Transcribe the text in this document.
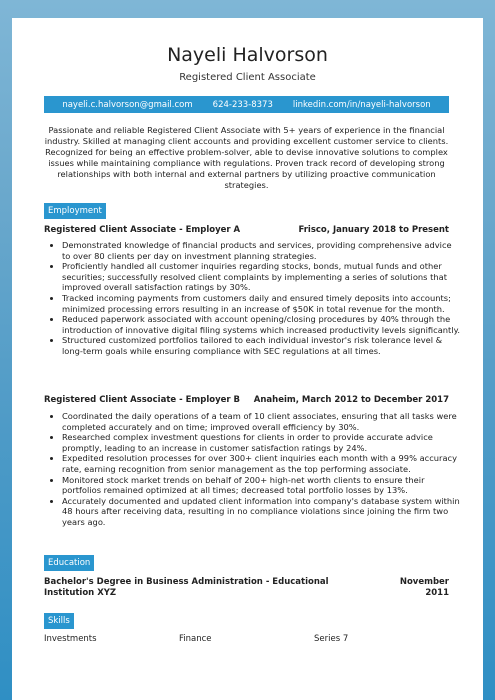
Nayeli Halvorson
Registered Client Associate
nayeli.c.halvorson@gmail.com 624-233-8373 linkedin.com/in/nayeli-halvorson
Passionate and reliable Registered Client Associate with 5+ years of experience in the financial industry. Skilled at managing client accounts and providing excellent customer service to clients. Recognized for being an effective problem-solver, able to devise innovative solutions to complex issues while maintaining compliance with regulations. Proven track record of developing strong relationships with both internal and external partners by utilizing proactive communication strategies.
Employment
Registered Client Associate - Employer A	Frisco, January 2018 to Present
• Demonstrated knowledge of financial products and services, providing comprehensive advice to over 80 clients per day on investment planning strategies.
• Proficiently handled all customer inquiries regarding stocks, bonds, mutual funds and other securities; successfully resolved client complaints by implementing a series of solutions that improved overall satisfaction ratings by 30%.
• Tracked incoming payments from customers daily and ensured timely deposits into accounts; minimized processing errors resulting in an increase of $50K in total revenue for the month.
• Reduced paperwork associated with account opening/closing procedures by 40% through the introduction of innovative digital filing systems which increased productivity levels significantly.
• Structured customized portfolios tailored to each individual investor's risk tolerance level & long-term goals while ensuring compliance with SEC regulations at all times.
Registered Client Associate - Employer B Anaheim, March 2012 to December 2017
• Coordinated the daily operations of a team of 10 client associates, ensuring that all tasks were completed accurately and on time; improved overall efficiency by 30%.
• Researched complex investment questions for clients in order to provide accurate advice promptly, leading to an increase in customer satisfaction ratings by 24%.
• Expedited resolution processes for over 300+ client inquiries each month with a 99% accuracy rate, earning recognition from senior management as the top performing associate.
• Monitored stock market trends on behalf of 200+ high-net worth clients to ensure their portfolios remained optimized at all times; decreased total portfolio losses by 13%.
• Accurately documented and updated client information into company's database system within 48 hours after receiving data, resulting in no compliance violations since joining the firm two years ago.
Education
Bachelor's Degree in Business Administration - Educational Institution XYZ
November 2011
Skills
Investments	Finance	Series 7
